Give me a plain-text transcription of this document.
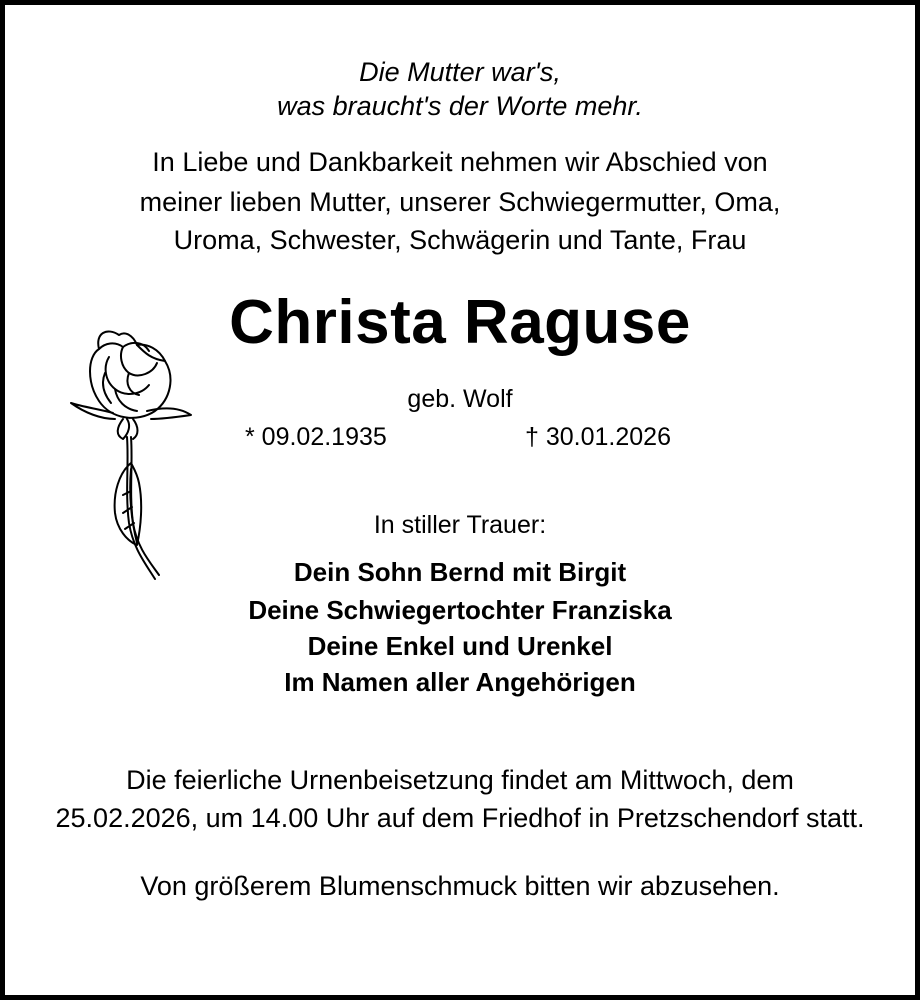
Die Mutter war's,
was braucht's der Worte mehr.
In Liebe und Dankbarkeit nehmen wir Abschied von
meiner lieben Mutter, unserer Schwiegermutter, Oma,
Uroma, Schwester, Schwägerin und Tante, Frau
Christa Raguse
geb. Wolf
* 09.02.1935	† 30.01.2026
In stiller Trauer:
Dein Sohn Bernd mit Birgit
Deine Schwiegertochter Franziska
Deine Enkel und Urenkel
Im Namen aller Angehörigen
Die feierliche Urnenbeisetzung findet am Mittwoch, dem
25.02.2026, um 14.00 Uhr auf dem Friedhof in Pretzschendorf statt.
Von größerem Blumenschmuck bitten wir abzusehen.
